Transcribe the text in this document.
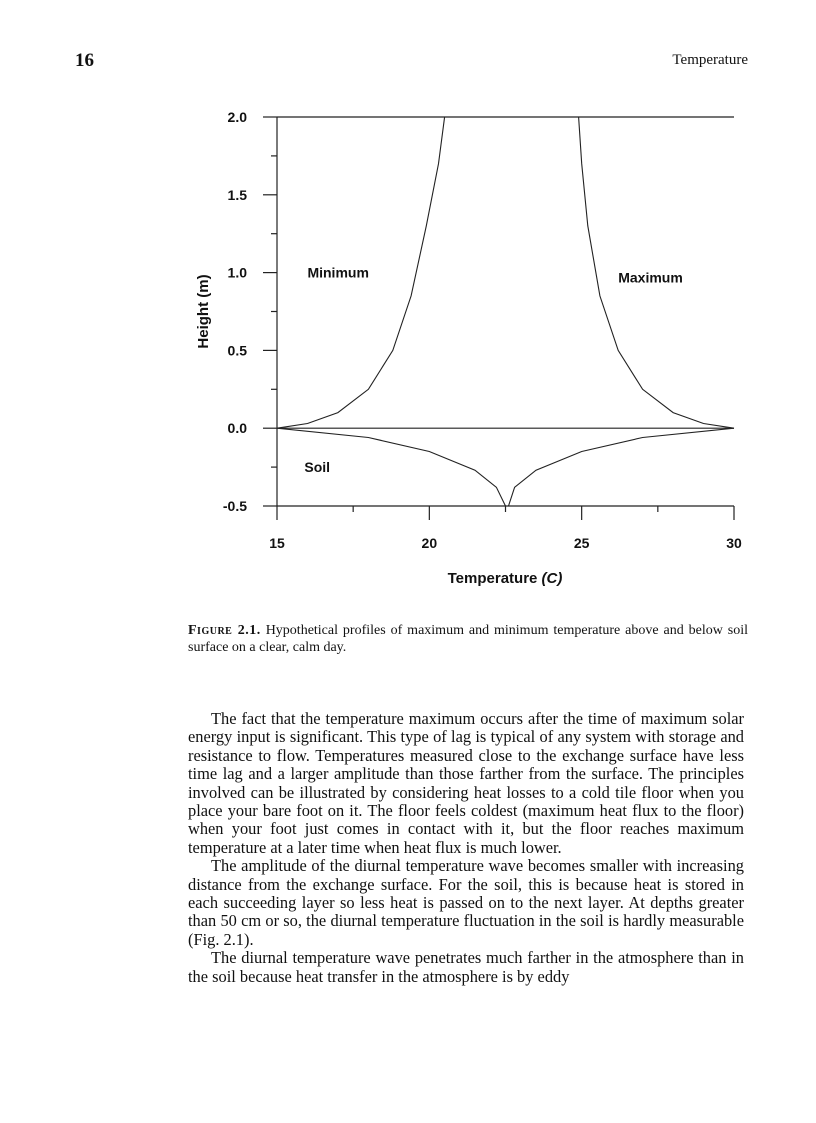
16	Temperature
2.0
1.5
1.0
0.5
0.0
-0.5
15	20	25	30
Height (m)
Temperature (C)
Minimum	Maximum
Soil
Figure 2.1. Hypothetical profiles of maximum and minimum temperature above and below soil surface on a clear, calm day.

The fact that the temperature maximum occurs after the time of maximum solar energy input is significant. This type of lag is typical of any system with storage and resistance to flow. Temperatures measured close to the exchange surface have less time lag and a larger amplitude than those farther from the surface. The principles involved can be illustrated by considering heat losses to a cold tile floor when you place your bare foot on it. The floor feels coldest (maximum heat flux to the floor) when your foot just comes in contact with it, but the floor reaches maximum temperature at a later time when heat flux is much lower.

The amplitude of the diurnal temperature wave becomes smaller with increasing distance from the exchange surface. For the soil, this is because heat is stored in each succeeding layer so less heat is passed on to the next layer. At depths greater than 50 cm or so, the diurnal temperature fluctuation in the soil is hardly measurable (Fig. 2.1).

The diurnal temperature wave penetrates much farther in the atmosphere than in the soil because heat transfer in the atmosphere is by eddy
